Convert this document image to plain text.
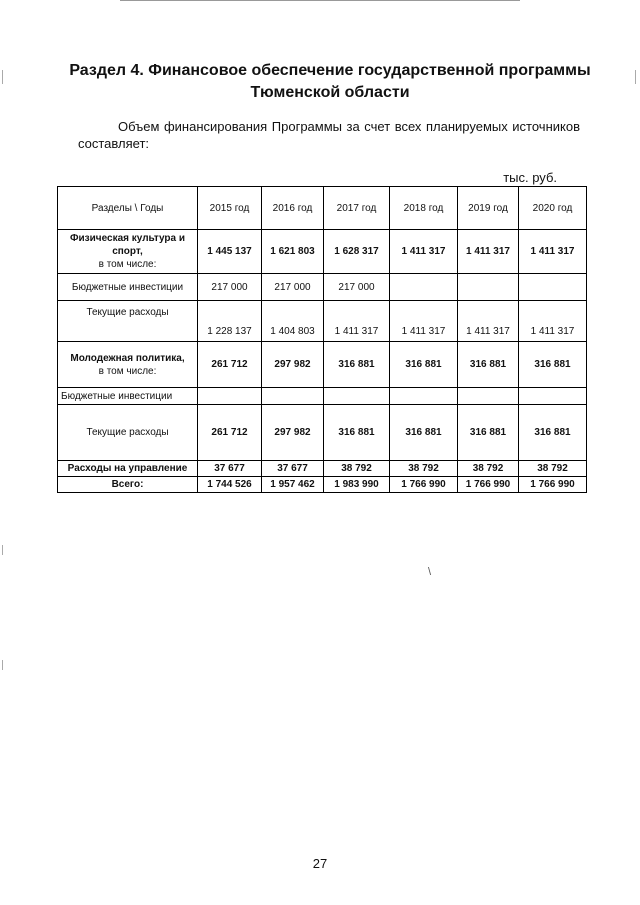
Раздел 4. Финансовое обеспечение государственной программы
Тюменской области
Объем финансирования Программы за счет всех планируемых источников
составляет:
тыс. руб.
Разделы \ Годы	2015 год	2016 год	2017 год	2018 год	2019 год	2020 год

Физическая культура и спорт,
в том числе:	1 445 137	1 621 803	1 628 317	1 411 317	1 411 317	1 411 317
Бюджетные инвестиции	217 000	217 000	217 000			
Текущие расходы	1 228 137	1 404 803	1 411 317	1 411 317	1 411 317	1 411 317

Молодежная политика,
в том числе:	261 712	297 982	316 881	316 881	316 881	316 881
Бюджетные инвестиции						
Текущие расходы	261 712	297 982	316 881	316 881	316 881	316 881
Расходы на управление	37 677	37 677	38 792	38 792	38 792	38 792
Всего:	1 744 526	1 957 462	1 983 990	1 766 990	1 766 990	1 766 990
\
27
